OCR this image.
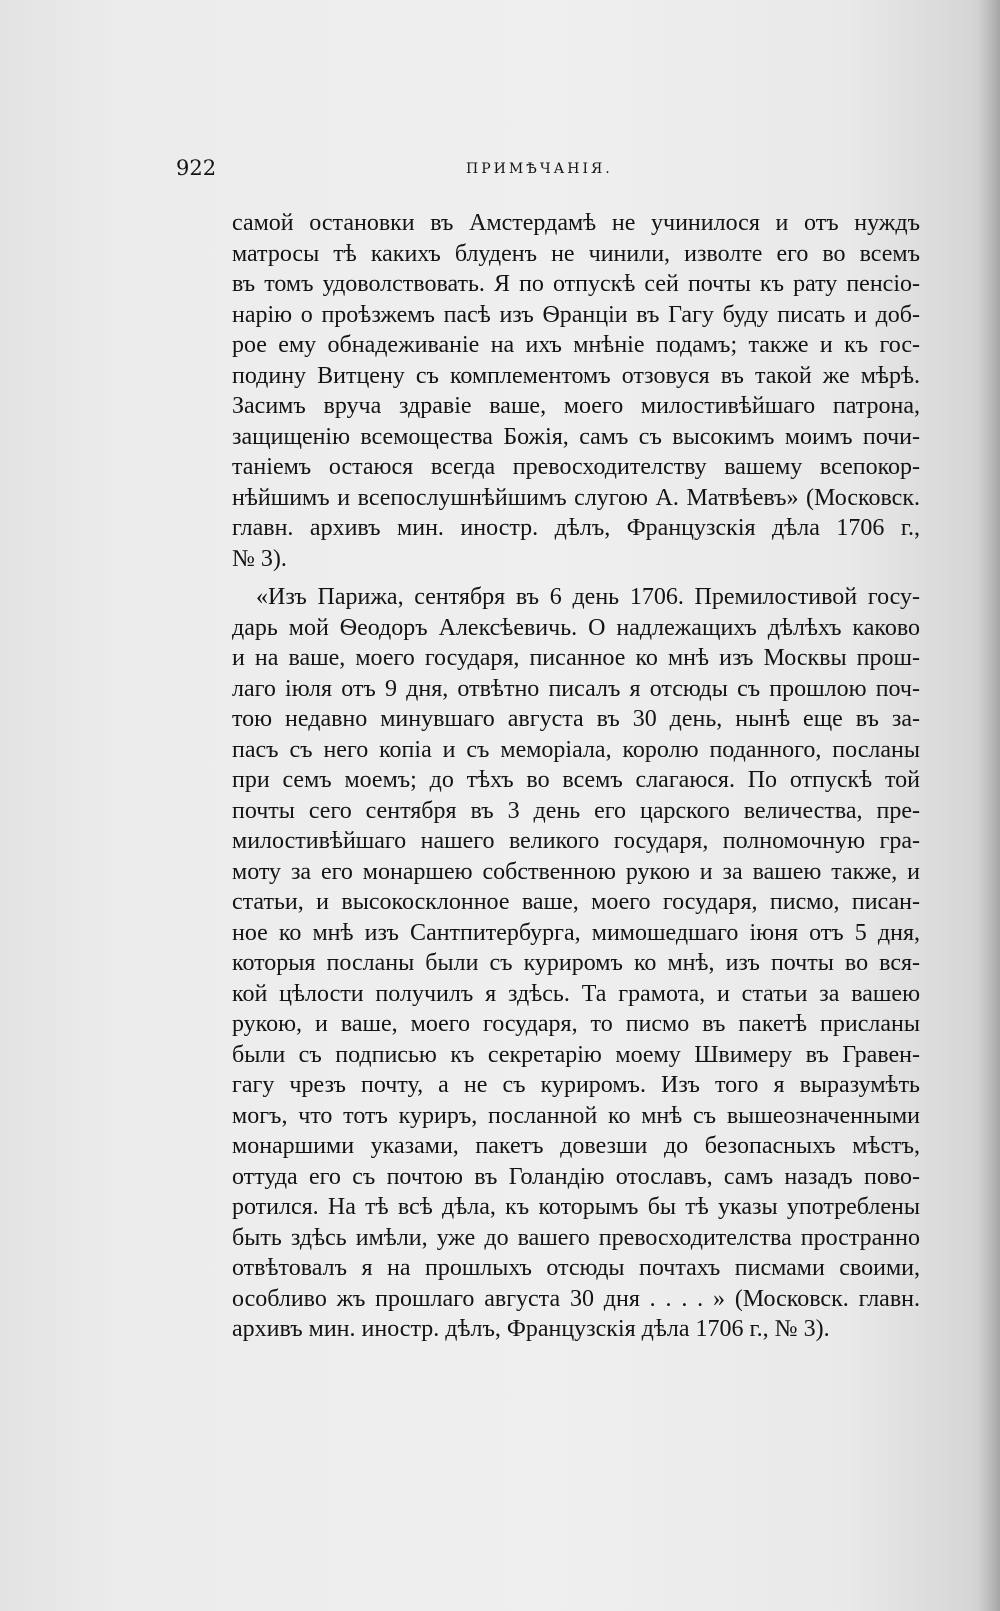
922	ПРИМѢЧАНІЯ.
самой остановки въ Амстердамѣ не учинилося и отъ нуждъ
матросы тѣ какихъ блуденъ не чинили, изволте его во всемъ
въ томъ удоволствовать. Я по отпускѣ сей почты къ рату пенсіо-
нарію о проѣзжемъ пасѣ изъ Ѳранціи въ Гагу буду писать и доб-
рое ему обнадеживаніе на ихъ мнѣніе подамъ; также и къ гос-
подину Витцену съ комплементомъ отзовуся въ такой же мѣрѣ.
Засимъ вруча здравіе ваше, моего милостивѣйшаго патрона,
защищенію всемощества Божія, самъ съ высокимъ моимъ почи-
таніемъ остаюся всегда превосходителству вашему всепокор-
нѣйшимъ и всепослушнѣйшимъ слугою А. Матвѣевъ» (Московск.
главн. архивъ мин. иностр. дѣлъ, Французскія дѣла 1706 г.,
№ 3).
«Изъ Парижа, сентября въ 6 день 1706. Премилостивой госу-
дарь мой Ѳеодоръ Алексѣевичь. О надлежащихъ дѣлѣхъ каково
и на ваше, моего государя, писанное ко мнѣ изъ Москвы прош-
лаго іюля отъ 9 дня, отвѣтно писалъ я отсюды съ прошлою поч-
тою недавно минувшаго августа въ 30 день, нынѣ еще въ за-
пасъ съ него копіа и съ меморіала, королю поданного, посланы
при семъ моемъ; до тѣхъ во всемъ слагаюся. По отпускѣ той
почты сего сентября въ 3 день его царского величества, пре-
милостивѣйшаго нашего великого государя, полномочную гра-
моту за его монаршею собственною рукою и за вашею также, и
статьи, и высокосклонное ваше, моего государя, писмо, писан-
ное ко мнѣ изъ Сантпитербурга, мимошедшаго іюня отъ 5 дня,
которыя посланы были съ куриромъ ко мнѣ, изъ почты во вся-
кой цѣлости получилъ я здѣсь. Та грамота, и статьи за вашею
рукою, и ваше, моего государя, то писмо въ пакетѣ присланы
были съ подписью къ секретарію моему Швимеру въ Гравен-
гагу чрезъ почту, а не съ куриромъ. Изъ того я выразумѣть
могъ, что тотъ куриръ, посланной ко мнѣ съ вышеозначенными
монаршими указами, пакетъ довезши до безопасныхъ мѣстъ,
оттуда его съ почтою въ Голандію отославъ, самъ назадъ пово-
ротился. На тѣ всѣ дѣла, къ которымъ бы тѣ указы употреблены
быть здѣсь имѣли, уже до вашего превосходителства пространно
отвѣтовалъ я на прошлыхъ отсюды почтахъ писмами своими,
особливо жъ прошлаго августа 30 дня . . . . » (Московск. главн.
архивъ мин. иностр. дѣлъ, Французскія дѣла 1706 г., № 3).
